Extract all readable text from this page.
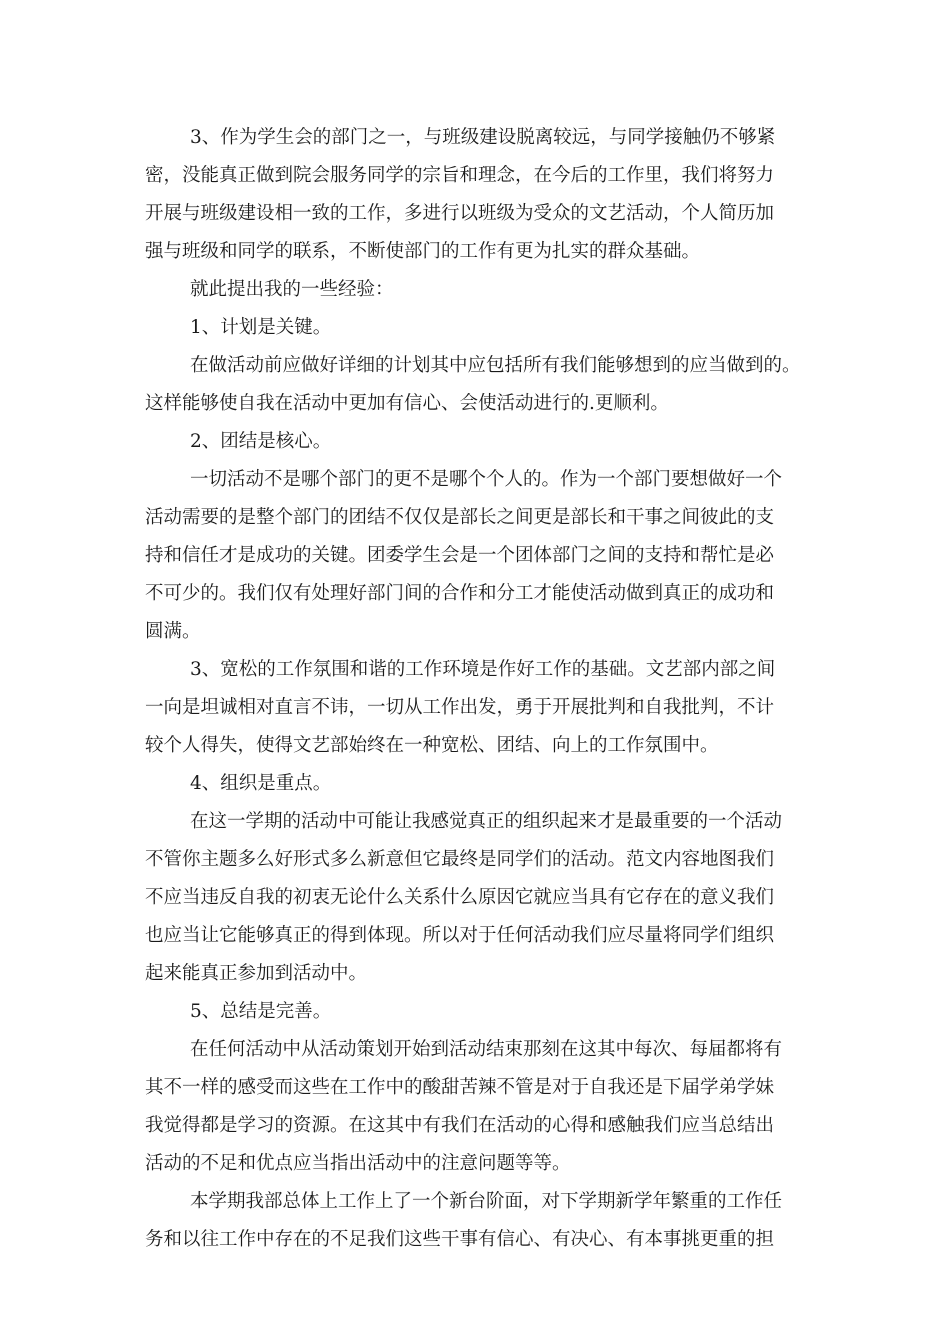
3、作为学生会的部门之一，与班级建设脱离较远，与同学接触仍不够紧
密，没能真正做到院会服务同学的宗旨和理念，在今后的工作里，我们将努力
开展与班级建设相一致的工作，多进行以班级为受众的文艺活动，个人简历加
强与班级和同学的联系，不断使部门的工作有更为扎实的群众基础。
就此提出我的一些经验：
1、计划是关键。
在做活动前应做好详细的计划其中应包括所有我们能够想到的应当做到的。
这样能够使自我在活动中更加有信心、会使活动进行的.更顺利。
2、团结是核心。
一切活动不是哪个部门的更不是哪个个人的。作为一个部门要想做好一个
活动需要的是整个部门的团结不仅仅是部长之间更是部长和干事之间彼此的支
持和信任才是成功的关键。团委学生会是一个团体部门之间的支持和帮忙是必
不可少的。我们仅有处理好部门间的合作和分工才能使活动做到真正的成功和
圆满。
3、宽松的工作氛围和谐的工作环境是作好工作的基础。文艺部内部之间
一向是坦诚相对直言不讳，一切从工作出发，勇于开展批判和自我批判，不计
较个人得失，使得文艺部始终在一种宽松、团结、向上的工作氛围中。
4、组织是重点。
在这一学期的活动中可能让我感觉真正的组织起来才是最重要的一个活动
不管你主题多么好形式多么新意但它最终是同学们的活动。范文内容地图我们
不应当违反自我的初衷无论什么关系什么原因它就应当具有它存在的意义我们
也应当让它能够真正的得到体现。所以对于任何活动我们应尽量将同学们组织
起来能真正参加到活动中。
5、总结是完善。
在任何活动中从活动策划开始到活动结束那刻在这其中每次、每届都将有
其不一样的感受而这些在工作中的酸甜苦辣不管是对于自我还是下届学弟学妹
我觉得都是学习的资源。在这其中有我们在活动的心得和感触我们应当总结出
活动的不足和优点应当指出活动中的注意问题等等。
本学期我部总体上工作上了一个新台阶面，对下学期新学年繁重的工作任
务和以往工作中存在的不足我们这些干事有信心、有决心、有本事挑更重的担
